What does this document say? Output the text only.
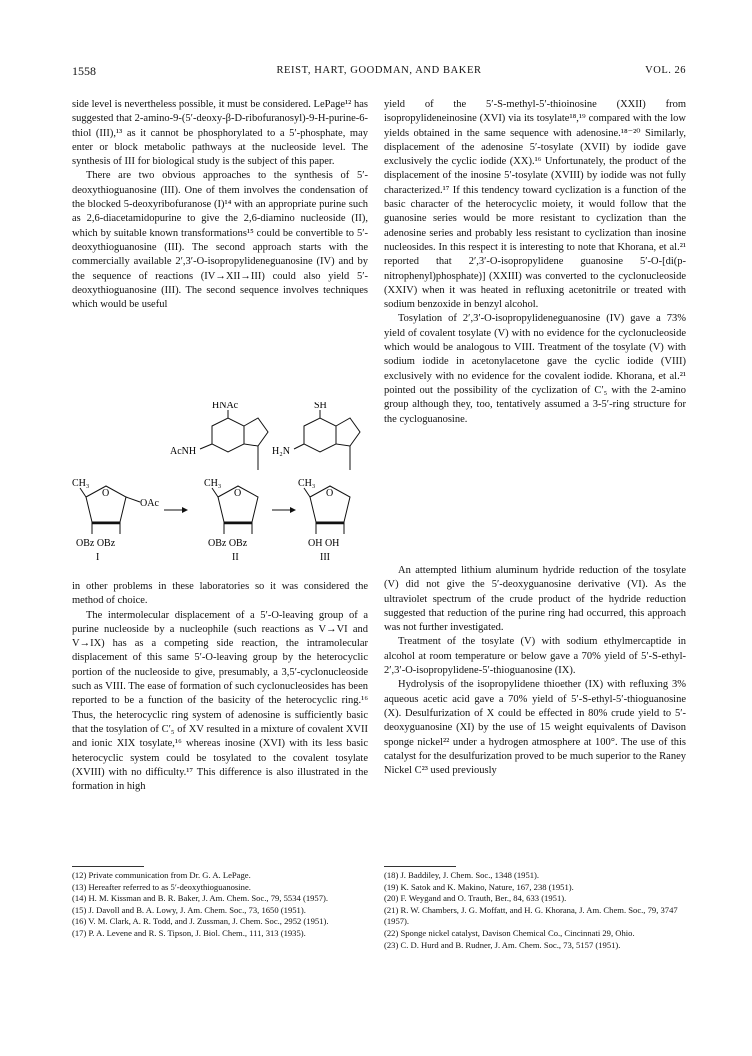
1558	REIST, HART, GOODMAN, AND BAKER	VOL. 26

side level is nevertheless possible, it must be considered. LePage¹² has suggested that 2-amino-9-(5′-deoxy-β-D-ribofuranosyl)-9-H-purine-6-thiol (III),¹³ as it cannot be phosphorylated to a 5′-phosphate, may enter or block metabolic pathways at the nucleoside level. The synthesis of III for biological study is the subject of this paper.

There are two obvious approaches to the synthesis of 5′-deoxythioguanosine (III). One of them involves the condensation of the blocked 5-deoxyribofuranose (I)¹⁴ with an appropriate purine such as 2,6-diacetamidopurine to give the 2,6-diamino nucleoside (II), which by suitable known transformations¹⁵ could be convertible to 5′-deoxythioguanosine (III). The second approach starts with the commercially available 2′,3′-O-isopropylideneguanosine (IV) and by the sequence of reactions (IV→XII→III) could also yield 5′-deoxythioguanosine (III). The second sequence involves techniques which would be useful

HNAc
AcNH
SH
H₂N
CH₃
O
OAc
OBz OBz
I
CH₃
O
OBz OBz
II
CH₃
O
OH OH
III

in other problems in these laboratories so it was considered the method of choice.

The intermolecular displacement of a 5′-O-leaving group of a purine nucleoside by a nucleophile (such reactions as V→VI and V→IX) has as a competing side reaction, the intramolecular displacement of this same 5′-O-leaving group by the heterocyclic portion of the nucleoside to give, presumably, a 3,5′-cyclonucleoside such as VIII. The ease of formation of such cyclonucleosides has been reported to be a function of the basicity of the heterocyclic ring.¹⁶ Thus, the heterocyclic ring system of adenosine is sufficiently basic that the tosylation of C′₅ of XV resulted in a mixture of covalent XVII and ionic XIX tosylate,¹⁶ whereas inosine (XVI) with its less basic heterocyclic system could be tosylated to the covalent tosylate (XVIII) with no difficulty.¹⁷ This difference is also illustrated in the formation in high

yield of the 5′-S-methyl-5′-thioinosine (XXII) from isopropylideneinosine (XVI) via its tosylate¹⁸,¹⁹ compared with the low yields obtained in the same sequence with adenosine.¹⁸⁻²⁰ Similarly, displacement of the adenosine 5′-tosylate (XVII) by iodide gave exclusively the cyclic iodide (XX).¹⁶ Unfortunately, the product of the displacement of the inosine 5′-tosylate (XVIII) by iodide was not fully characterized.¹⁷ If this tendency toward cyclization is a function of the basic character of the heterocyclic moiety, it would follow that the guanosine series would be more resistant to cyclization than the adenosine series and probably less resistant to cyclization than inosine nucleosides. In this respect it is interesting to note that Khorana, et al.²¹ reported that 2′,3′-O-isopropylidene guanosine 5′-O-[di(p-nitrophenyl)phosphate)] (XXIII) was converted to the cyclonucleoside (XXIV) when it was heated in refluxing acetonitrile or treated with sodium benzoxide in benzyl alcohol.

Tosylation of 2′,3′-O-isopropylideneguanosine (IV) gave a 73% yield of covalent tosylate (V) with no evidence for the cyclonucleoside which would be analogous to VIII. Treatment of the tosylate (V) with sodium iodide in acetonylacetone gave the cyclic iodide (VIII) exclusively with no evidence for the covalent iodide. Khorana, et al.²¹ pointed out the possibility of the cyclization of C′₅ with the 2-amino group although they, too, tentatively assumed a 3-5′-ring structure for the cycloguanosine.

An attempted lithium aluminum hydride reduction of the tosylate (V) did not give the 5′-deoxyguanosine derivative (VI). As the ultraviolet spectrum of the crude product of the hydride reduction suggested that reduction of the purine ring had occurred, this approach was not further investigated.

Treatment of the tosylate (V) with sodium ethylmercaptide in alcohol at room temperature or below gave a 70% yield of 5′-S-ethyl-2′,3′-O-isopropylidene-5′-thioguanosine (IX).

Hydrolysis of the isopropylidene thioether (IX) with refluxing 3% aqueous acetic acid gave a 70% yield of 5′-S-ethyl-5′-thioguanosine (X). Desulfurization of X could be effected in 80% crude yield to 5′-deoxyguanosine (XI) by the use of 15 weight equivalents of Davison sponge nickel²² under a hydrogen atmosphere at 100°. The use of this catalyst for the desulfurization proved to be much superior to the Raney Nickel C²³ used previously

(12) Private communication from Dr. G. A. LePage.

(13) Hereafter referred to as 5′-deoxythioguanosine.

(14) H. M. Kissman and B. R. Baker, J. Am. Chem. Soc., 79, 5534 (1957).

(15) J. Davoll and B. A. Lowy, J. Am. Chem. Soc., 73, 1650 (1951).

(16) V. M. Clark, A. R. Todd, and J. Zussman, J. Chem. Soc., 2952 (1951).

(17) P. A. Levene and R. S. Tipson, J. Biol. Chem., 111, 313 (1935).

(18) J. Baddiley, J. Chem. Soc., 1348 (1951).

(19) K. Satok and K. Makino, Nature, 167, 238 (1951).

(20) F. Weygand and O. Trauth, Ber., 84, 633 (1951).

(21) R. W. Chambers, J. G. Moffatt, and H. G. Khorana, J. Am. Chem. Soc., 79, 3747 (1957).

(22) Sponge nickel catalyst, Davison Chemical Co., Cincinnati 29, Ohio.

(23) C. D. Hurd and B. Rudner, J. Am. Chem. Soc., 73, 5157 (1951).
